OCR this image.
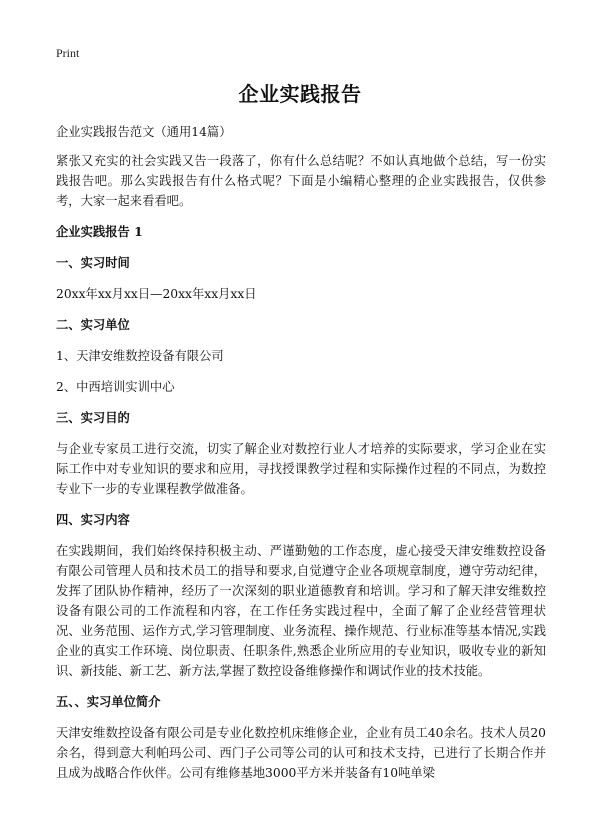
Print
企业实践报告

企业实践报告范文（通用14篇）

紧张又充实的社会实践又告一段落了，你有什么总结呢？不如认真地做个总结，写一份实践报告吧。那么实践报告有什么格式呢？下面是小编精心整理的企业实践报告，仅供参考，大家一起来看看吧。

企业实践报告 1

一、实习时间

20xx年xx月xx日—20xx年xx月xx日

二、实习单位

1、天津安维数控设备有限公司

2、中西培训实训中心

三、实习目的

与企业专家员工进行交流，切实了解企业对数控行业人才培养的实际要求，学习企业在实际工作中对专业知识的要求和应用，寻找授课教学过程和实际操作过程的不同点，为数控专业下一步的专业课程教学做准备。

四、实习内容

在实践期间，我们始终保持积极主动、严谨勤勉的工作态度，虚心接受天津安维数控设备有限公司管理人员和技术员工的指导和要求,自觉遵守企业各项规章制度，遵守劳动纪律，发挥了团队协作精神，经历了一次深刻的职业道德教育和培训。学习和了解天津安维数控设备有限公司的工作流程和内容，在工作任务实践过程中，全面了解了企业经营管理状况、业务范围、运作方式,学习管理制度、业务流程、操作规范、行业标准等基本情况,实践企业的真实工作环境、岗位职责、任职条件,熟悉企业所应用的专业知识，吸收专业的新知识、新技能、新工艺、新方法,掌握了数控设备维修操作和调试作业的技术技能。

五、、实习单位简介

天津安维数控设备有限公司是专业化数控机床维修企业，企业有员工40余名。技术人员20余名，得到意大利帕玛公司、西门子公司等公司的认可和技术支持，已进行了长期合作并且成为战略合作伙伴。公司有维修基地3000平方米并装备有10吨单梁
